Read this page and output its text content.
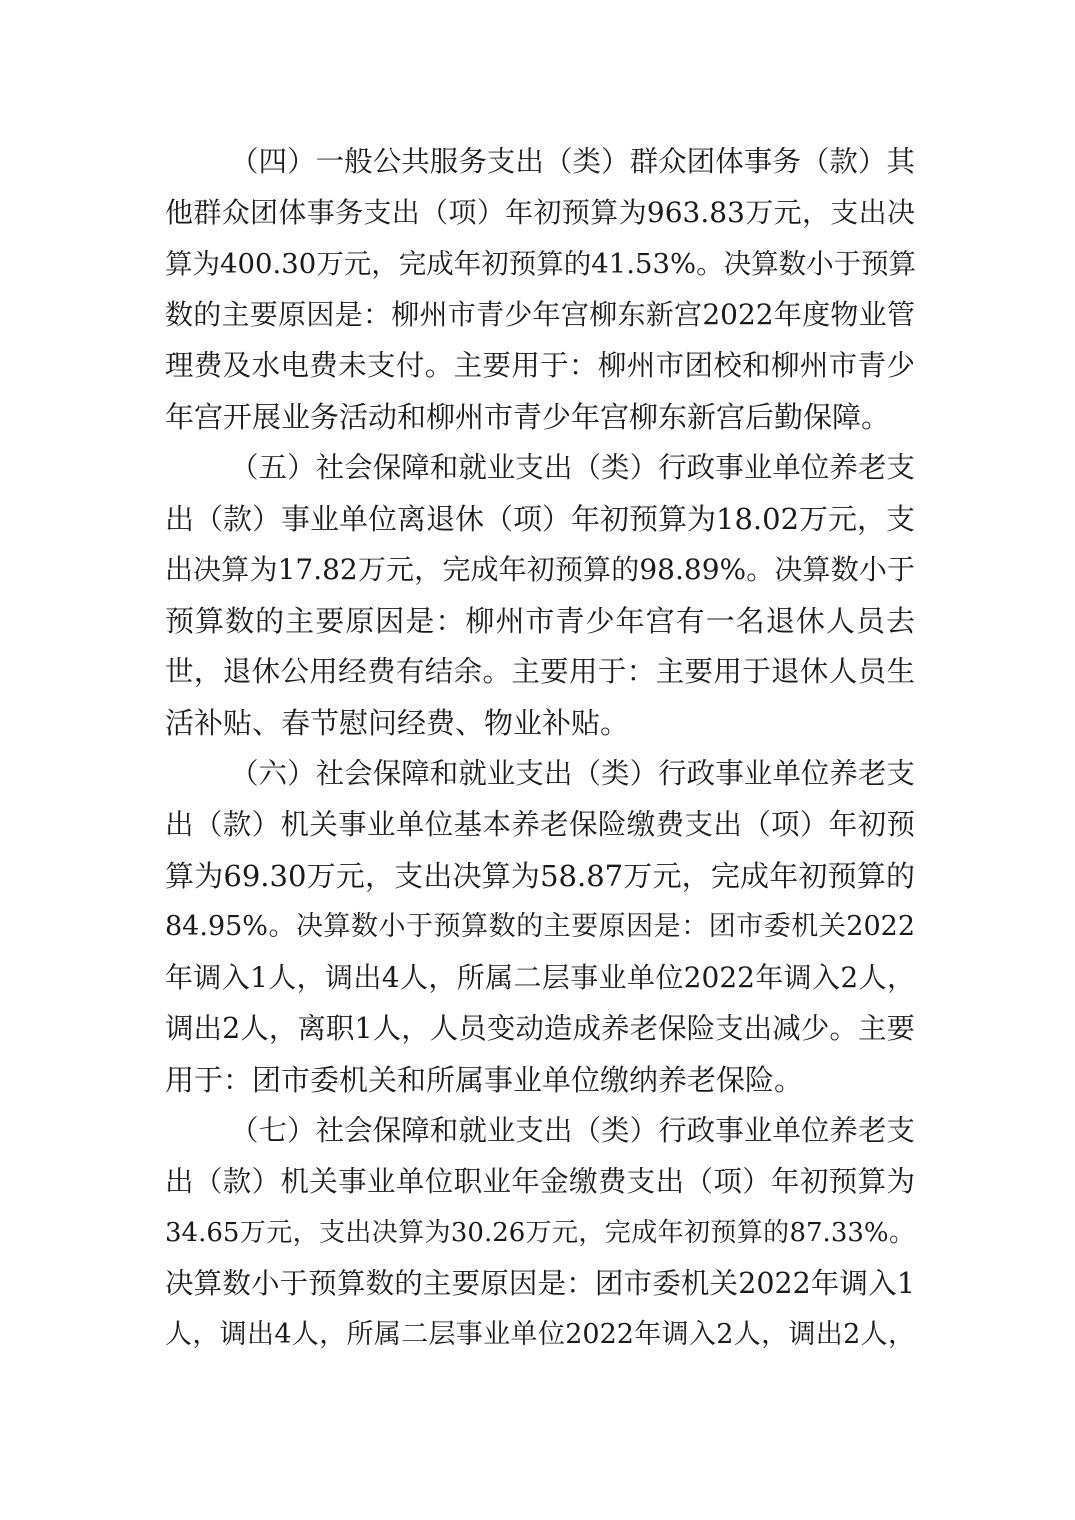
（四）一般公共服务支出（类）群众团体事务（款）其
他群众团体事务支出（项）年初预算为963.83万元，支出决
算为400.30万元，完成年初预算的41.53%。决算数小于预算
数的主要原因是：柳州市青少年宫柳东新宫2022年度物业管
理费及水电费未支付。主要用于：柳州市团校和柳州市青少
年宫开展业务活动和柳州市青少年宫柳东新宫后勤保障。
（五）社会保障和就业支出（类）行政事业单位养老支
出（款）事业单位离退休（项）年初预算为18.02万元，支
出决算为17.82万元，完成年初预算的98.89%。决算数小于
预算数的主要原因是：柳州市青少年宫有一名退休人员去
世，退休公用经费有结余。主要用于：主要用于退休人员生
活补贴、春节慰问经费、物业补贴。
（六）社会保障和就业支出（类）行政事业单位养老支
出（款）机关事业单位基本养老保险缴费支出（项）年初预
算为69.30万元，支出决算为58.87万元，完成年初预算的
84.95%。决算数小于预算数的主要原因是：团市委机关2022
年调入1人，调出4人，所属二层事业单位2022年调入2人，
调出2人，离职1人，人员变动造成养老保险支出减少。主要
用于：团市委机关和所属事业单位缴纳养老保险。
（七）社会保障和就业支出（类）行政事业单位养老支
出（款）机关事业单位职业年金缴费支出（项）年初预算为
34.65万元，支出决算为30.26万元，完成年初预算的87.33%。
决算数小于预算数的主要原因是：团市委机关2022年调入1
人，调出4人，所属二层事业单位2022年调入2人，调出2人，
